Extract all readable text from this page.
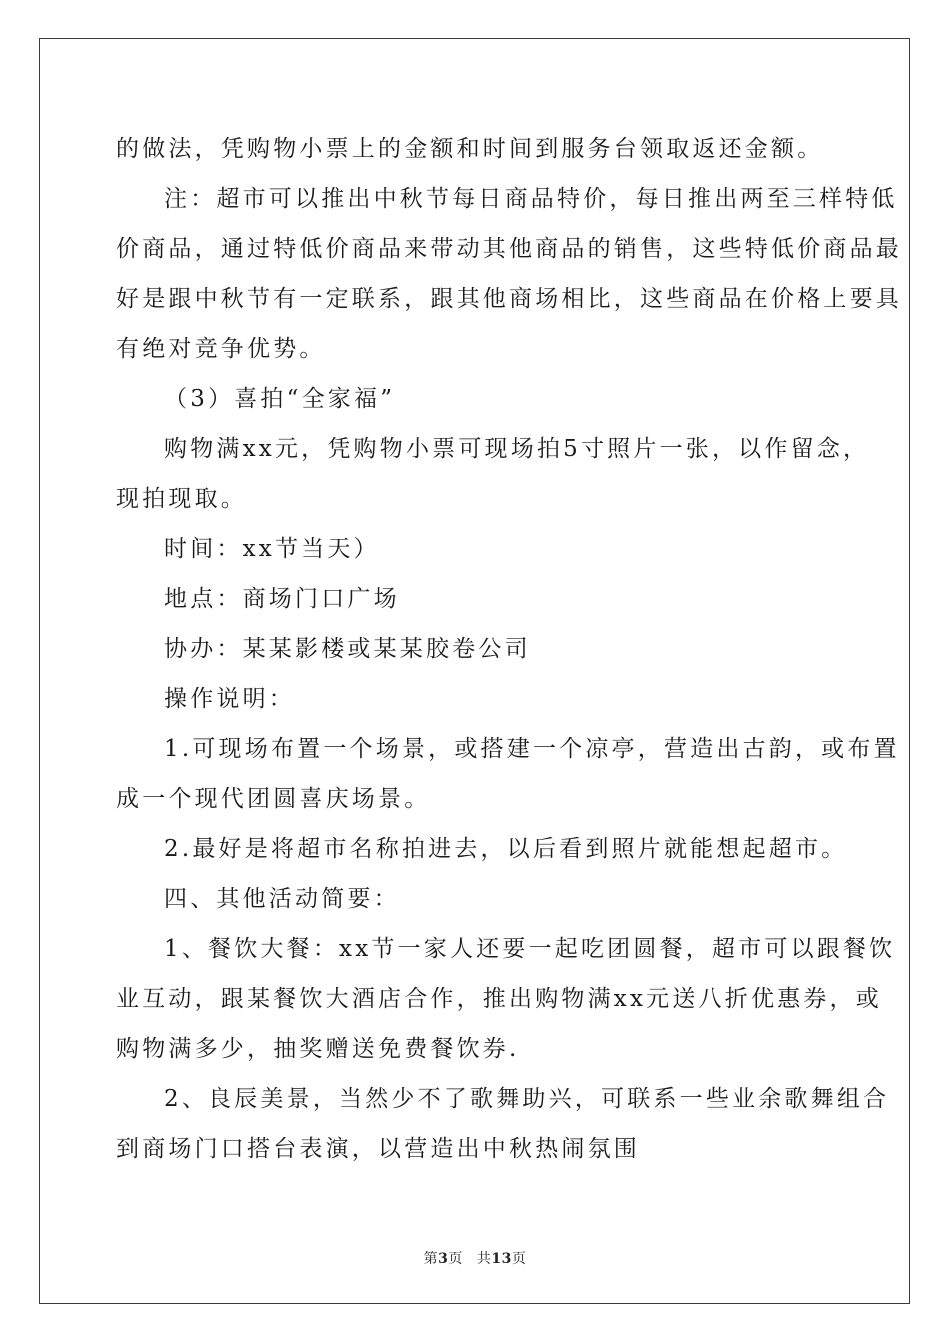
的做法，凭购物小票上的金额和时间到服务台领取返还金额。

注：超市可以推出中秋节每日商品特价，每日推出两至三样特低

价商品，通过特低价商品来带动其他商品的销售，这些特低价商品最

好是跟中秋节有一定联系，跟其他商场相比，这些商品在价格上要具

有绝对竞争优势。

（3）喜拍“全家福”

购物满xx元，凭购物小票可现场拍5寸照片一张，以作留念，

现拍现取。

时间：xx节当天）

地点：商场门口广场

协办：某某影楼或某某胶卷公司

操作说明：

1.可现场布置一个场景，或搭建一个凉亭，营造出古韵，或布置

成一个现代团圆喜庆场景。

2.最好是将超市名称拍进去，以后看到照片就能想起超市。

四、其他活动简要：

1、餐饮大餐：xx节一家人还要一起吃团圆餐，超市可以跟餐饮

业互动，跟某餐饮大酒店合作，推出购物满xx元送八折优惠券，或

购物满多少，抽奖赠送免费餐饮券.

2、良辰美景，当然少不了歌舞助兴，可联系一些业余歌舞组合

到商场门口搭台表演，以营造出中秋热闹氛围

第3页 共13页
